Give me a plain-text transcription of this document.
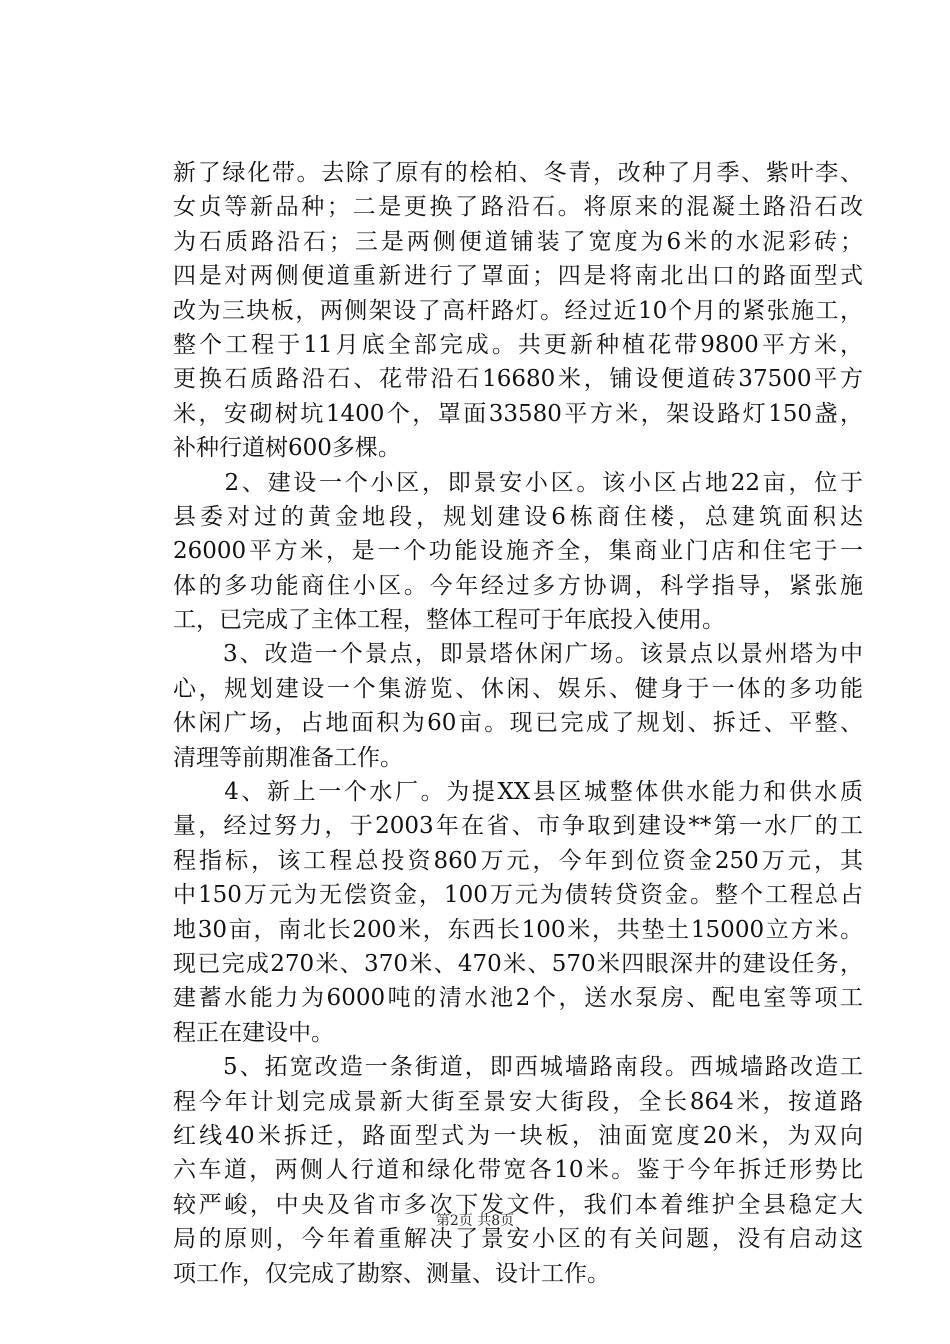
新了绿化带。去除了原有的桧柏、冬青，改种了月季、紫叶李、
女贞等新品种；二是更换了路沿石。将原来的混凝土路沿石改
为石质路沿石；三是两侧便道铺装了宽度为6米的水泥彩砖；
四是对两侧便道重新进行了罩面；四是将南北出口的路面型式
改为三块板，两侧架设了高杆路灯。经过近10个月的紧张施工，
整个工程于11月底全部完成。共更新种植花带9800平方米，
更换石质路沿石、花带沿石16680米，铺设便道砖37500平方
米，安砌树坑1400个，罩面33580平方米，架设路灯150盏，
补种行道树600多棵。
　　2、建设一个小区，即景安小区。该小区占地22亩，位于
县委对过的黄金地段，规划建设6栋商住楼，总建筑面积达
26000平方米，是一个功能设施齐全，集商业门店和住宅于一
体的多功能商住小区。今年经过多方协调，科学指导，紧张施
工，已完成了主体工程，整体工程可于年底投入使用。
　　3、改造一个景点，即景塔休闲广场。该景点以景州塔为中
心，规划建设一个集游览、休闲、娱乐、健身于一体的多功能
休闲广场，占地面积为60亩。现已完成了规划、拆迁、平整、
清理等前期准备工作。
　　4、新上一个水厂。为提XX县区城整体供水能力和供水质
量，经过努力，于2003年在省、市争取到建设**第一水厂的工
程指标，该工程总投资860万元，今年到位资金250万元，其
中150万元为无偿资金，100万元为债转贷资金。整个工程总占
地30亩，南北长200米，东西长100米，共垫土15000立方米。
现已完成270米、370米、470米、570米四眼深井的建设任务，
建蓄水能力为6000吨的清水池2个，送水泵房、配电室等项工
程正在建设中。
　　5、拓宽改造一条街道，即西城墙路南段。西城墙路改造工
程今年计划完成景新大街至景安大街段，全长864米，按道路
红线40米拆迁，路面型式为一块板，油面宽度20米，为双向
六车道，两侧人行道和绿化带宽各10米。鉴于今年拆迁形势比
较严峻，中央及省市多次下发文件，我们本着维护全县稳定大
局的原则，今年着重解决了景安小区的有关问题，没有启动这
项工作，仅完成了勘察、测量、设计工作。
第2页 共8页
